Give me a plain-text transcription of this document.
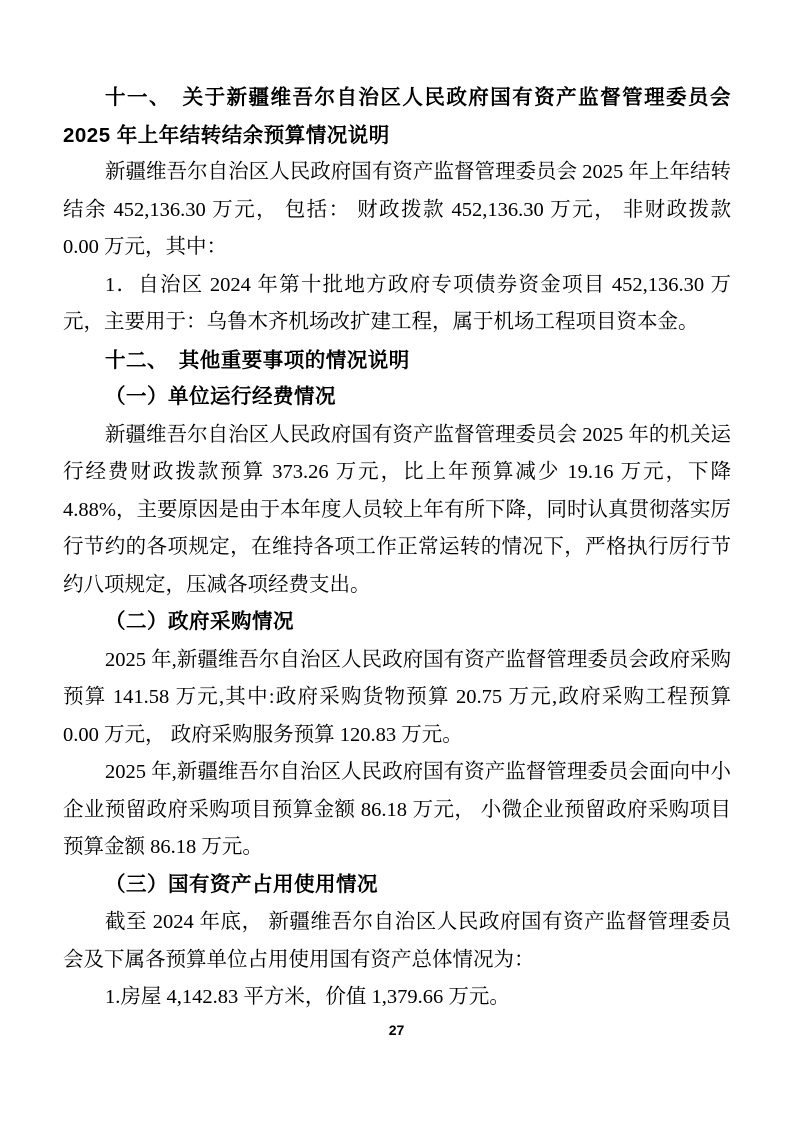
十一、　关于新疆维吾尔自治区人民政府国有资产监督管理委员会 2025 年上年结转结余预算情况说明
新疆维吾尔自治区人民政府国有资产监督管理委员会 2025 年上年结转结余 452,136.30 万元， 包括： 财政拨款 452,136.30 万元， 非财政拨款 0.00 万元，其中：
1．自治区 2024 年第十批地方政府专项债券资金项目 452,136.30 万元，主要用于：乌鲁木齐机场改扩建工程，属于机场工程项目资本金。
十二、　其他重要事项的情况说明
（一）单位运行经费情况
新疆维吾尔自治区人民政府国有资产监督管理委员会 2025 年的机关运行经费财政拨款预算 373.26 万元，比上年预算减少 19.16 万元，下降 4.88%，主要原因是由于本年度人员较上年有所下降，同时认真贯彻落实厉行节约的各项规定，在维持各项工作正常运转的情况下，严格执行厉行节约八项规定，压减各项经费支出。
（二）政府采购情况
2025 年,新疆维吾尔自治区人民政府国有资产监督管理委员会政府采购预算 141.58 万元,其中:政府采购货物预算 20.75 万元,政府采购工程预算 0.00 万元， 政府采购服务预算 120.83 万元。
2025 年,新疆维吾尔自治区人民政府国有资产监督管理委员会面向中小企业预留政府采购项目预算金额 86.18 万元， 小微企业预留政府采购项目预算金额 86.18 万元。
（三）国有资产占用使用情况
截至 2024 年底， 新疆维吾尔自治区人民政府国有资产监督管理委员会及下属各预算单位占用使用国有资产总体情况为：
1.房屋 4,142.83 平方米，价值 1,379.66 万元。
27
